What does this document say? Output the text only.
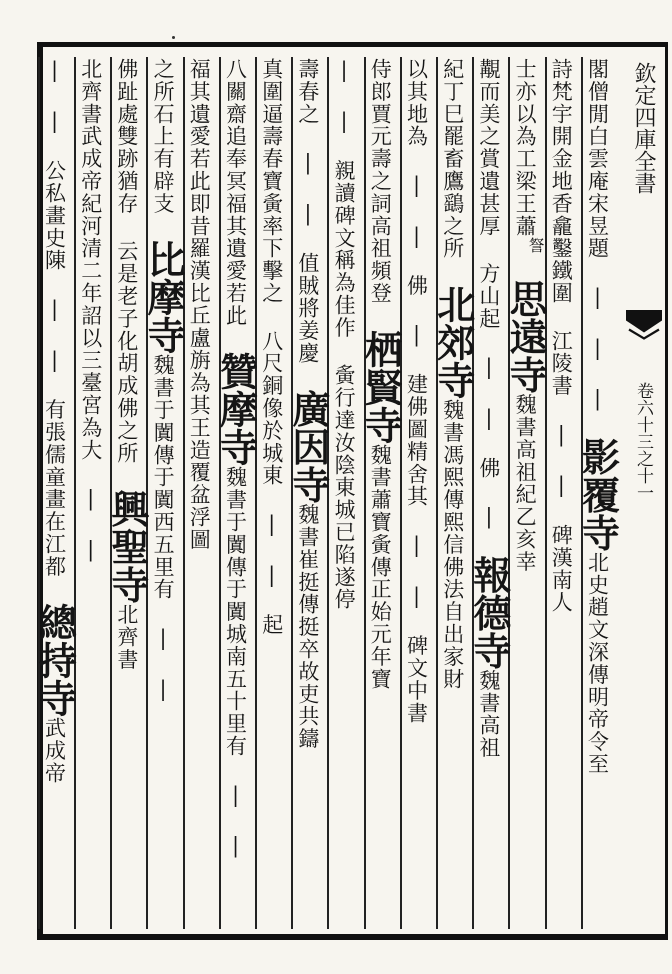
欽定四庫全書
卷六十三之十一
閣僧閒白雲庵宋昱題 | | | 影覆寺北史趙文深傳明帝令至
詩梵宇開金地香龕鑿鐵圍 江陵書 | | 碑漢南人
士亦以為工梁王蕭詧 思遠寺魏書高祖紀乙亥幸
覯而美之賞遺甚厚 方山起 | | 佛 | 報德寺魏書高祖
紀丁巳罷畜鷹鷂之所 北郊寺魏書馮熙傳熙信佛法自出家財
以其地為 | | 佛 | 建佛圖精舍其 | | 碑文中書
侍郎賈元壽之詞高祖頻登 栖賢寺魏書蕭寶夤傳正始元年寶
| | 親讀碑文稱為佳作 夤行達汝陰東城已陷遂停
壽春之 | | 值賊將姜慶 廣因寺魏書崔挺傳挺卒故吏共鑄
真圍逼壽春寶夤率下擊之 八尺銅像於城東 | | 起
八關齋追奉冥福其遺愛若此 贊摩寺魏書于闐傳于闐城南五十里有 | |
福其遺愛若此即昔羅漢比丘盧旃為其王造覆盆浮圖
之所石上有辟支 比摩寺魏書于闐傳于闐西五里有 | |
佛趾處雙跡猶存 云是老子化胡成佛之所 興聖寺北齊書
北齊書武成帝紀河清二年詔以三臺宮為大 | |
| | 公私畫史陳 | | 有張儒童畫在江都 總持寺武成帝
